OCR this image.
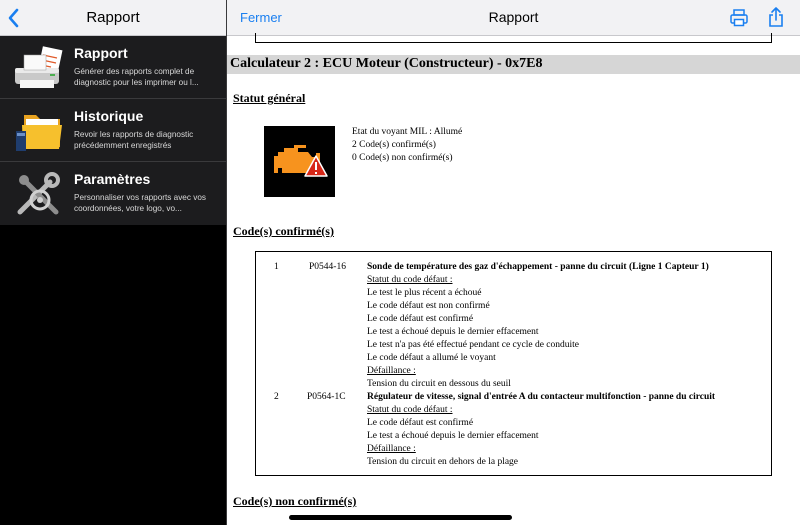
Rapport
Rapport
Générer des rapports complet de diagnostic pour les imprimer ou l...
Historique
Revoir les rapports de diagnostic précédemment enregistrés
Paramètres
Personnaliser vos rapports avec vos coordonnées, votre logo, vo...
Fermer	Rapport
Calculateur 2 : ECU Moteur (Constructeur) - 0x7E8
Statut général
Etat du voyant MIL : Allumé
2 Code(s) confirmé(s)
0 Code(s) non confirmé(s)
Code(s) confirmé(s)
1	P0544-16 Sonde de température des gaz d'échappement - panne du circuit (Ligne 1 Capteur 1)
Statut du code défaut :
Le test le plus récent a échoué
Le code défaut est non confirmé
Le code défaut est confirmé
Le test a échoué depuis le dernier effacement
Le test n'a pas été effectué pendant ce cycle de conduite
Le code défaut a allumé le voyant
Défaillance :
Tension du circuit en dessous du seuil
2	P0564-1C Régulateur de vitesse, signal d'entrée A du contacteur multifonction - panne du circuit
Statut du code défaut :
Le code défaut est confirmé
Le test a échoué depuis le dernier effacement
Défaillance :
Tension du circuit en dehors de la plage
Code(s) non confirmé(s)
